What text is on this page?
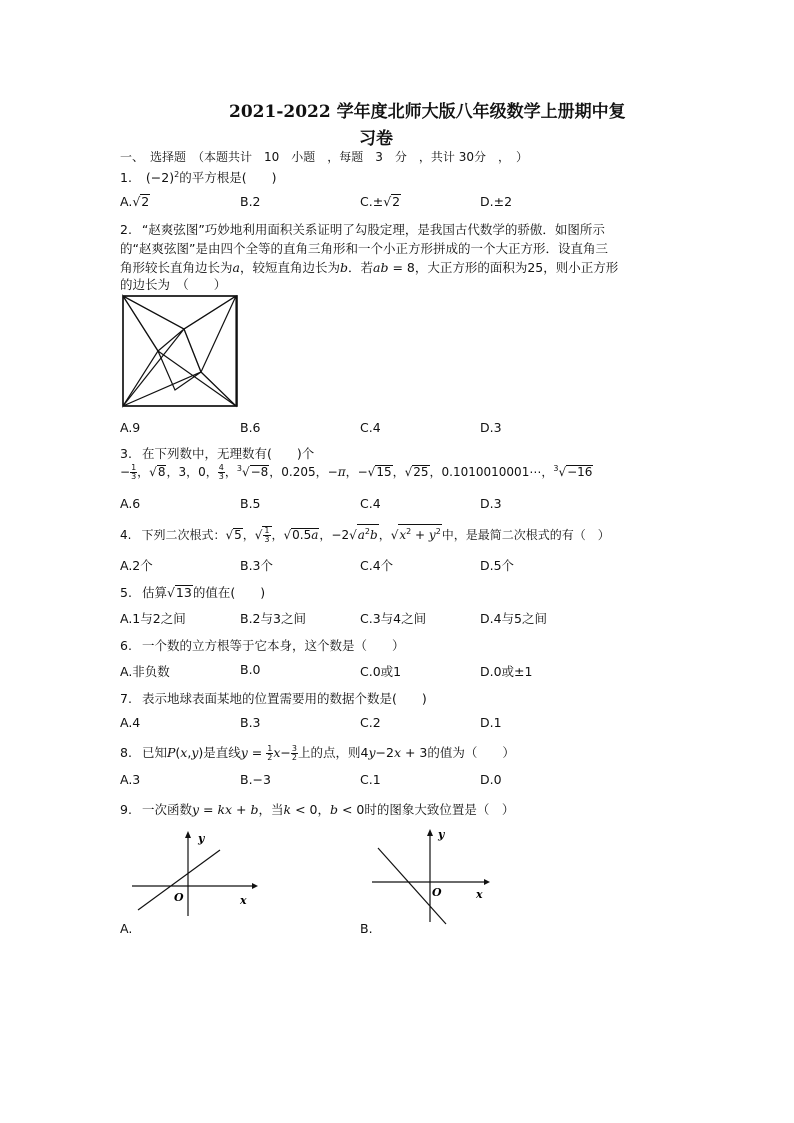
2021-2022 学年度北师大版八年级数学上册期中复
习卷
一、　选择题　（本题共计　10　小题　，每题　3　分　，共计 30分　，　）
1. $(-2)^2$的平方根是(　　)
A.√2	B.2	C.±√2	D.±2
2. “赵爽弦图”巧妙地利用面积关系证明了勾股定理，是我国古代数学的骄傲．如图所示
的“赵爽弦图”是由四个全等的直角三角形和一个小正方形拼成的一个大正方形．设直角三
角形较长直角边长为a，较短直角边长为b．若ab = 8，大正方形的面积为25，则小正方形
的边长为　（　　）
A.9	B.6	C.4	D.3
3. 在下列数中，无理数有(　　)个
− $\frac{1}{3}$ ，√8，3，0， $\frac{4}{3}$ ，$^3$√−8，0.205，−π，−√15，√25，0.1010010001⋯，$^3$√−16
A.6	B.5	C.4	D.3
4. 下列二次根式：√5，√ $\frac{1}{3}$ ，√0.5a，$-2√a^2b$，$√x^2 + y^2$中，是最简二次根式的有（　）
A.2个	B.3个	C.4个	D.5个
5. 估算√13的值在(　　)
A.1与2之间	B.2与3之间	C.3与4之间	D.4与5之间
6. 一个数的立方根等于它本身，这个数是（　　）
A.非负数	B.0	C.0或1	D.0或±1
7. 表示地球表面某地的位置需要用的数据个数是(　　)
A.4	B.3	C.2	D.1
8. 已知P(x,y)是直线$y = \frac{1}{2} x- \frac{3}{2}$ 上的点，则4y−2x + 3的值为（　　）
A.3	B.−3	C.1	D.0
9. 一次函数y = kx + b，当k < 0，b < 0时的图象大致位置是（　）
O	x
y
A.
O	x
y
B.
